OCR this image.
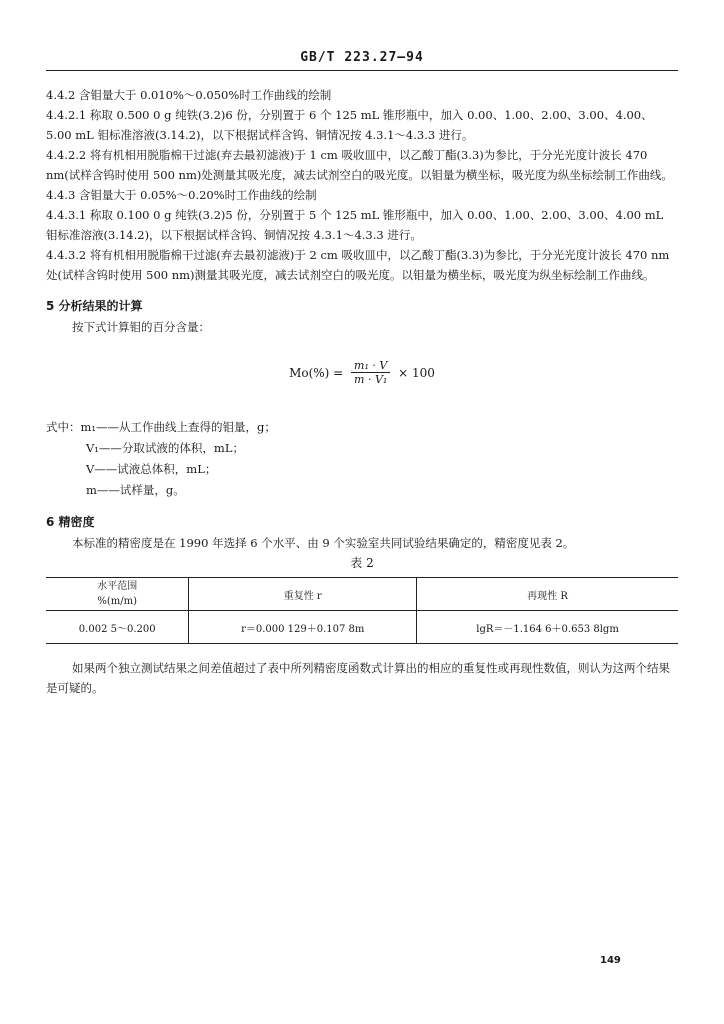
GB/T 223.27—94

4.4.2 含钼量大于 0.010%～0.050%时工作曲线的绘制

4.4.2.1 称取 0.500 0 g 纯铁(3.2)6 份，分别置于 6 个 125 mL 锥形瓶中，加入 0.00、1.00、2.00、3.00、4.00、5.00 mL 钼标准溶液(3.14.2)，以下根据试样含钨、铜情况按 4.3.1～4.3.3 进行。

4.4.2.2 将有机相用脱脂棉干过滤(弃去最初滤液)于 1 cm 吸收皿中，以乙酸丁酯(3.3)为参比，于分光光度计波长 470 nm(试样含钨时使用 500 nm)处测量其吸光度，减去试剂空白的吸光度。以钼量为横坐标，吸光度为纵坐标绘制工作曲线。

4.4.3 含钼量大于 0.05%～0.20%时工作曲线的绘制

4.4.3.1 称取 0.100 0 g 纯铁(3.2)5 份，分别置于 5 个 125 mL 锥形瓶中，加入 0.00、1.00、2.00、3.00、4.00 mL 钼标准溶液(3.14.2)，以下根据试样含钨、铜情况按 4.3.1～4.3.3 进行。

4.4.3.2 将有机相用脱脂棉干过滤(弃去最初滤液)于 2 cm 吸收皿中，以乙酸丁酯(3.3)为参比，于分光光度计波长 470 nm 处(试样含钨时使用 500 nm)测量其吸光度，减去试剂空白的吸光度。以钼量为横坐标，吸光度为纵坐标绘制工作曲线。

5 分析结果的计算

按下式计算钼的百分含量：

$Mo(\%) = \frac{\text{m₁ · V}}{\text{m · V₁}} \times 100$

式中：m₁——从工作曲线上查得的钼量，g；

V₁——分取试液的体积，mL；

V——试液总体积，mL；

m——试样量，g。

6 精密度

本标准的精密度是在 1990 年选择 6 个水平、由 9 个实验室共同试验结果确定的，精密度见表 2。

表 2

水平范围
%(m/m)	重复性 r	再现性 R
0.002 5～0.200	r＝0.000 129＋0.107 8m	lgR＝－1.164 6＋0.653 8lgm

如果两个独立测试结果之间差值超过了表中所列精密度函数式计算出的相应的重复性或再现性数值，则认为这两个结果是可疑的。

149
